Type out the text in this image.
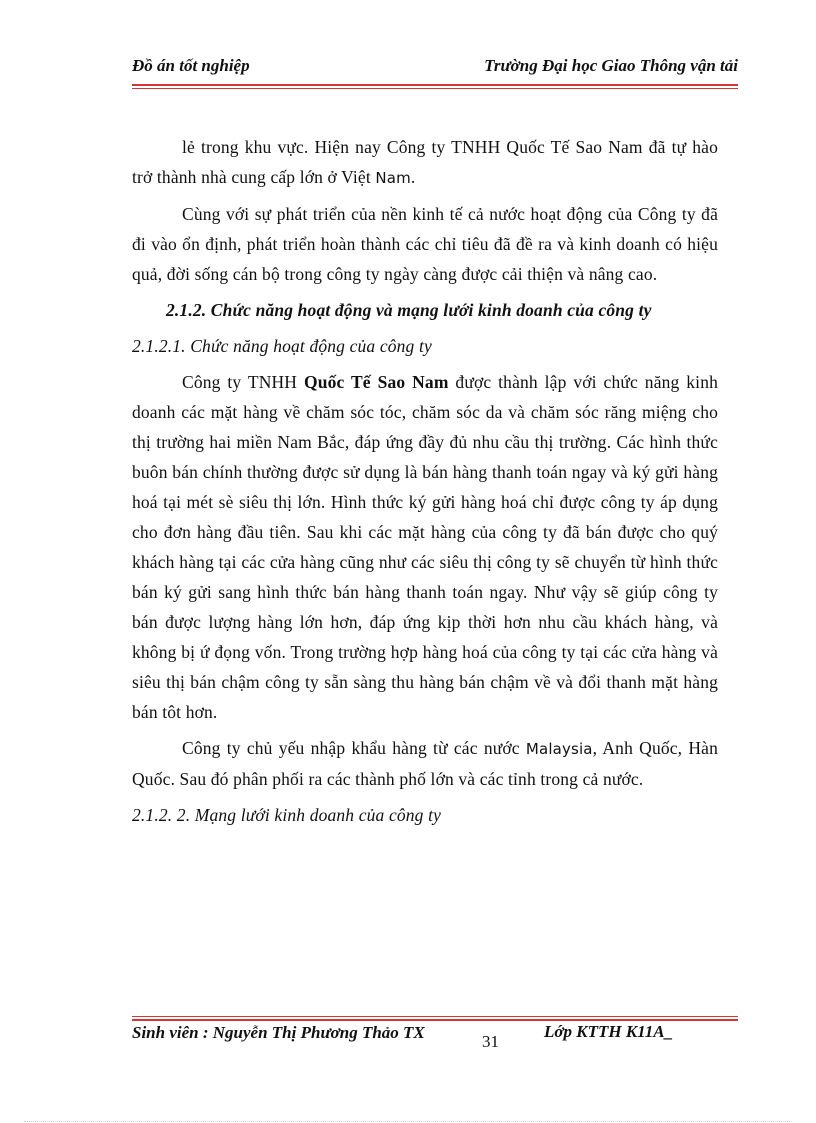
Đồ án tốt nghiệp	Trường Đại học Giao Thông vận tải

lẻ trong khu vực. Hiện nay Công ty TNHH Quốc Tế Sao Nam đã tự hào trở thành nhà cung cấp lớn ở Việt Nam.

Cùng với sự phát triển của nền kinh tế cả nước hoạt động của Công ty đã đi vào ổn định, phát triển hoàn thành các chỉ tiêu đã đề ra và kinh doanh có hiệu quả, đời sống cán bộ trong công ty ngày càng được cải thiện và nâng cao.

2.1.2. Chức năng hoạt động và mạng lưới kinh doanh của công ty

2.1.2.1. Chức năng hoạt động của công ty

Công ty TNHH Quốc Tế Sao Nam được thành lập với chức năng kinh doanh các mặt hàng về chăm sóc tóc, chăm sóc da và chăm sóc răng miệng cho thị trường hai miền Nam Bắc, đáp ứng đầy đủ nhu cầu thị trường. Các hình thức buôn bán chính thường được sử dụng là bán hàng thanh toán ngay và ký gửi hàng hoá tại mét sè siêu thị lớn. Hình thức ký gửi hàng hoá chỉ được công ty áp dụng cho đơn hàng đầu tiên. Sau khi các mặt hàng của công ty đã bán được cho quý khách hàng tại các cửa hàng cũng như các siêu thị công ty sẽ chuyển từ hình thức bán ký gửi sang hình thức bán hàng thanh toán ngay. Như vậy sẽ giúp công ty bán được lượng hàng lớn hơn, đáp ứng kịp thời hơn nhu cầu khách hàng, và không bị ứ đọng vốn. Trong trường hợp hàng hoá của công ty tại các cửa hàng và siêu thị bán chậm công ty sẵn sàng thu hàng bán chậm về và đổi thanh mặt hàng bán tôt hơn.

Công ty chủ yếu nhập khẩu hàng từ các nước Malaysia, Anh Quốc, Hàn Quốc. Sau đó phân phối ra các thành phố lớn và các tỉnh trong cả nước.

2.1.2. 2. Mạng lưới kinh doanh của công ty

Sinh viên : Nguyễn Thị Phương Thảo TX	31
Lớp KTTH K11A_
